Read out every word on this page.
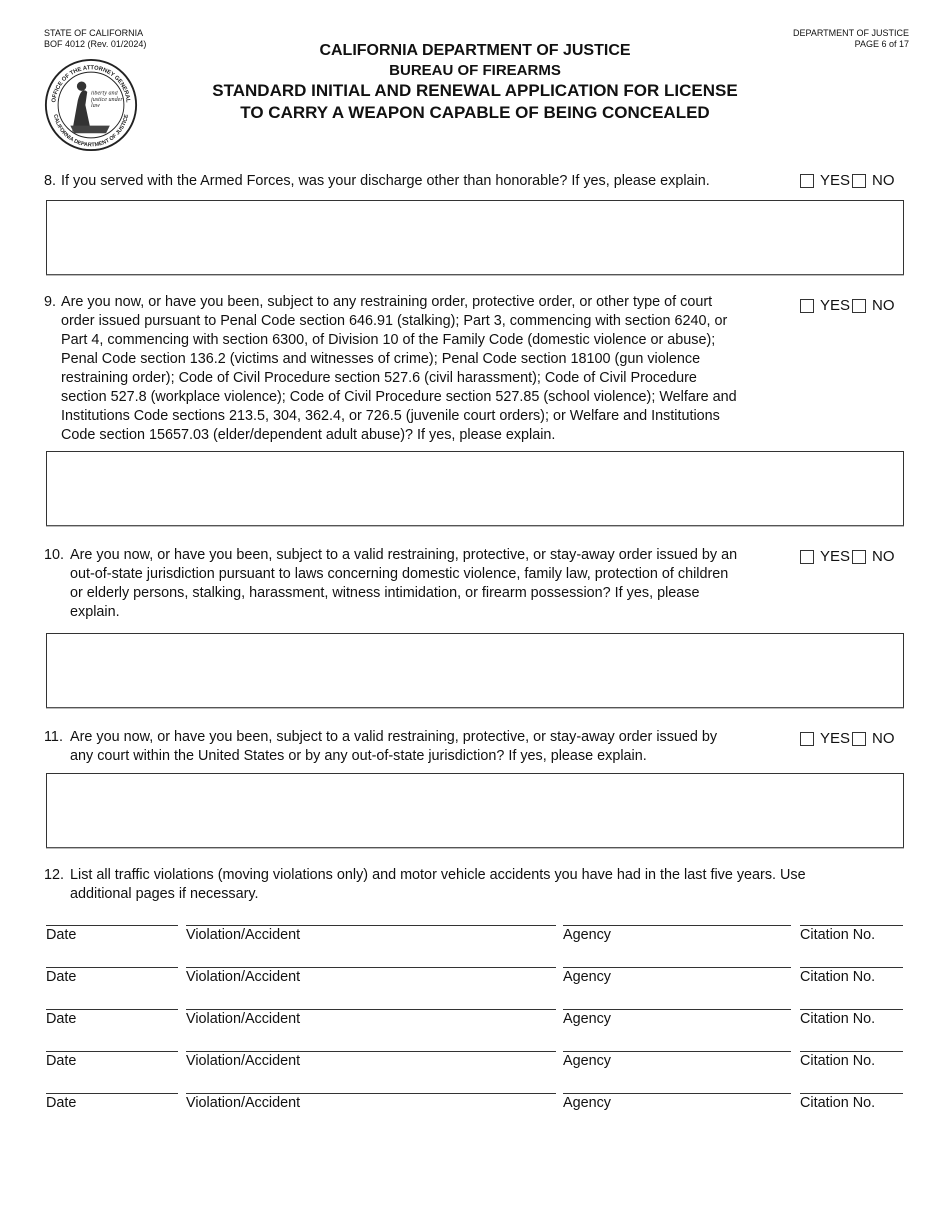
STATE OF CALIFORNIA
BOF 4012 (Rev. 01/2024)
DEPARTMENT OF JUSTICE
PAGE 6 of 17
CALIFORNIA DEPARTMENT OF JUSTICE
BUREAU OF FIREARMS
STANDARD INITIAL AND RENEWAL APPLICATION FOR LICENSE
TO CARRY A WEAPON CAPABLE OF BEING CONCEALED
OFFICE OF THE ATTORNEY GENERAL
CALIFORNIA DEPARTMENT OF JUSTICE
liberty and justice under law
8. If you served with the Armed Forces, was your discharge other than honorable? If yes, please explain.	YES NO
9. Are you now, or have you been, subject to any restraining order, protective order, or other type of court
order issued pursuant to Penal Code section 646.91 (stalking); Part 3, commencing with section 6240, or
Part 4, commencing with section 6300, of Division 10 of the Family Code (domestic violence or abuse);
Penal Code section 136.2 (victims and witnesses of crime); Penal Code section 18100 (gun violence
restraining order); Code of Civil Procedure section 527.6 (civil harassment); Code of Civil Procedure
section 527.8 (workplace violence); Code of Civil Procedure section 527.85 (school violence); Welfare and
Institutions Code sections 213.5, 304, 362.4, or 726.5 (juvenile court orders); or Welfare and Institutions
Code section 15657.03 (elder/dependent adult abuse)? If yes, please explain.
YES NO
10. Are you now, or have you been, subject to a valid restraining, protective, or stay-away order issued by an
out-of-state jurisdiction pursuant to laws concerning domestic violence, family law, protection of children
or elderly persons, stalking, harassment, witness intimidation, or firearm possession? If yes, please
explain.
YES NO
11. Are you now, or have you been, subject to a valid restraining, protective, or stay-away order issued by
any court within the United States or by any out-of-state jurisdiction? If yes, please explain.
YES NO
12. List all traffic violations (moving violations only) and motor vehicle accidents you have had in the last five years. Use
additional pages if necessary.
Date	Violation/Accident	Agency	Citation No.
Date	Violation/Accident	Agency	Citation No.
Date	Violation/Accident	Agency	Citation No.
Date	Violation/Accident	Agency	Citation No.
Date	Violation/Accident	Agency	Citation No.
